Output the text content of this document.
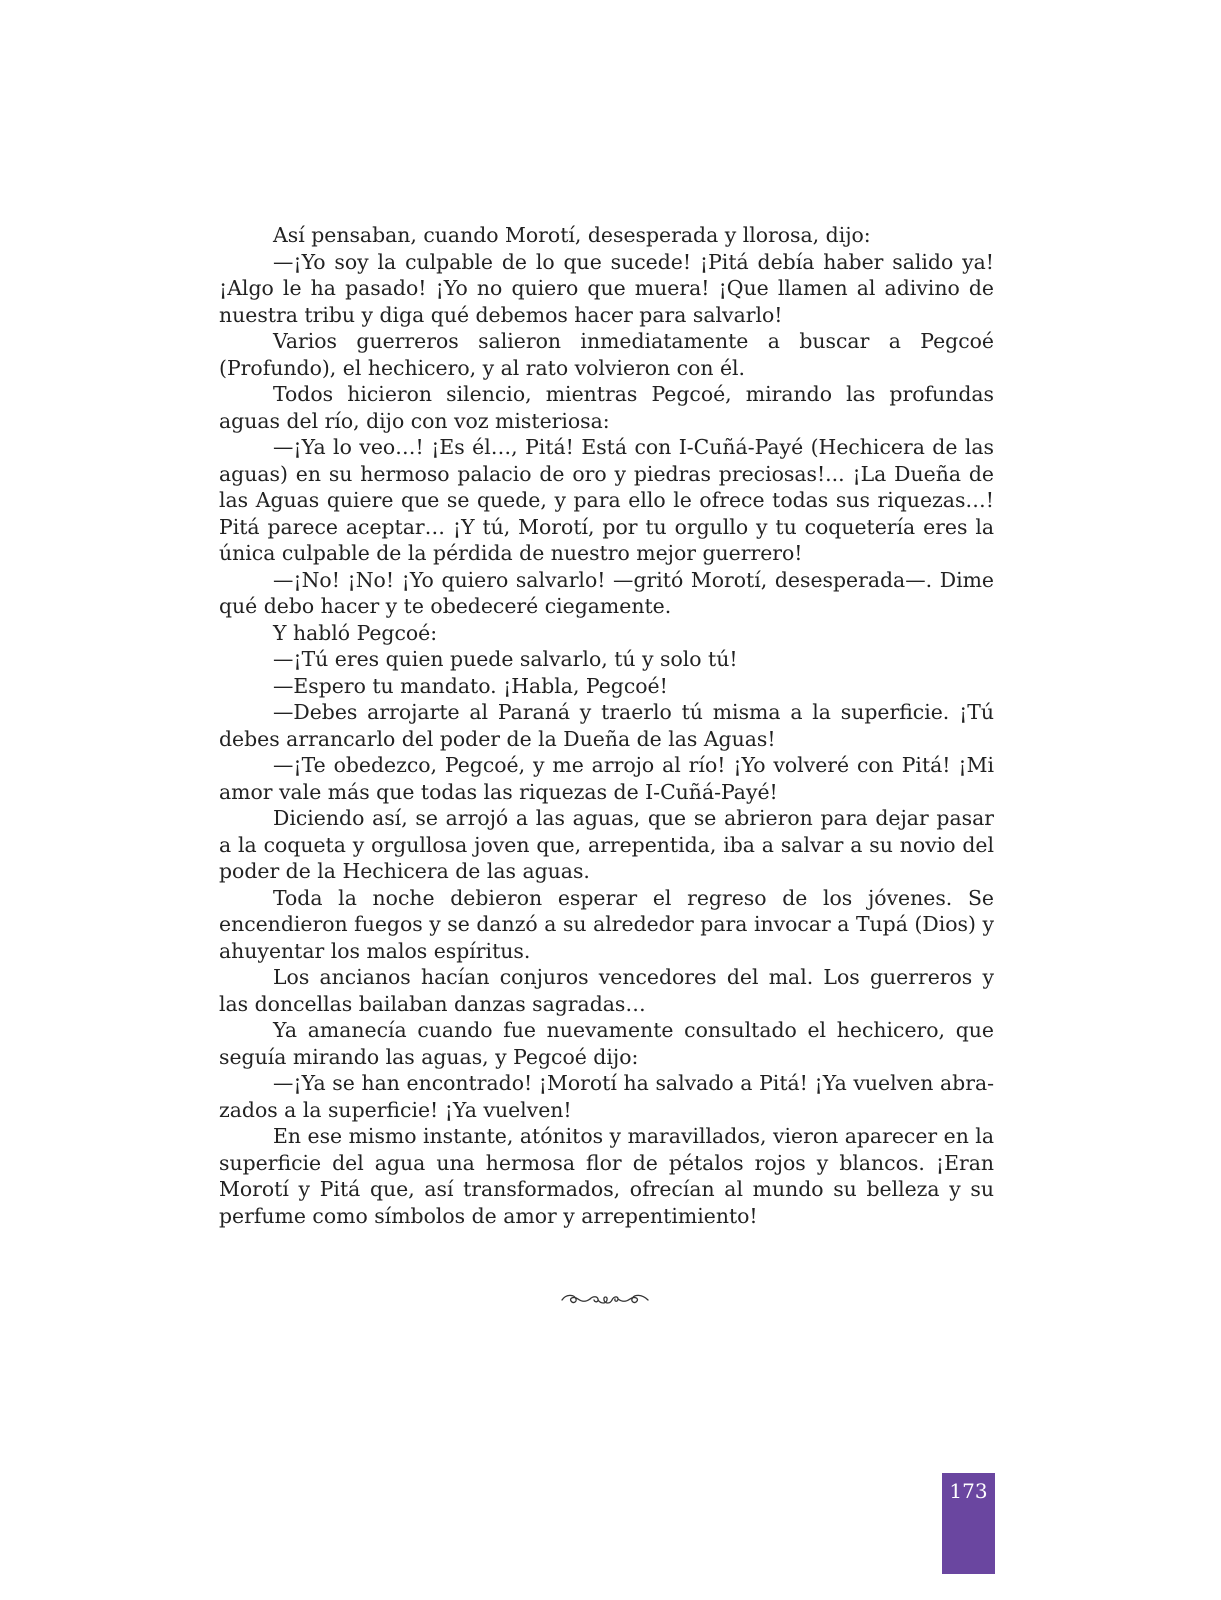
Así pensaban, cuando Morotí, desesperada y llorosa, dijo:

—¡Yo soy la culpable de lo que sucede! ¡Pitá debía haber salido ya! ¡Algo le ha pasado! ¡Yo no quiero que muera! ¡Que llamen al adivino de nuestra tribu y diga qué debemos hacer para salvarlo!

Varios guerreros salieron inmediatamente a buscar a Pegcoé (Profundo), el hechicero, y al rato volvieron con él.

Todos hicieron silencio, mientras Pegcoé, mirando las profundas aguas del río, dijo con voz misteriosa:

—¡Ya lo veo…! ¡Es él…, Pitá! Está con I-Cuñá-Payé (Hechicera de las aguas) en su hermoso palacio de oro y piedras preciosas!... ¡La Dueña de las Aguas quiere que se quede, y para ello le ofrece todas sus riquezas…! Pitá parece aceptar… ¡Y tú, Morotí, por tu orgullo y tu coquetería eres la única culpable de la pérdida de nuestro mejor guerrero!

—¡No! ¡No! ¡Yo quiero salvarlo! —gritó Morotí, desesperada—. Dime qué debo hacer y te obedeceré ciegamente.

Y habló Pegcoé:

—¡Tú eres quien puede salvarlo, tú y solo tú!

—Espero tu mandato. ¡Habla, Pegcoé!

—Debes arrojarte al Paraná y traerlo tú misma a la superficie. ¡Tú debes arrancarlo del poder de la Dueña de las Aguas!

—¡Te obedezco, Pegcoé, y me arrojo al río! ¡Yo volveré con Pitá! ¡Mi amor vale más que todas las riquezas de I-Cuñá-Payé!

Diciendo así, se arrojó a las aguas, que se abrieron para dejar pasar a la coqueta y orgullosa joven que, arrepentida, iba a salvar a su novio del poder de la Hechicera de las aguas.

Toda la noche debieron esperar el regreso de los jóvenes. Se encendieron fuegos y se danzó a su alrededor para invocar a Tupá (Dios) y ahuyentar los malos espíritus.

Los ancianos hacían conjuros vencedores del mal. Los guerreros y las doncellas bailaban danzas sagradas…

Ya amanecía cuando fue nuevamente consultado el hechicero, que seguía mirando las aguas, y Pegcoé dijo:

—¡Ya se han encontrado! ¡Morotí ha salvado a Pitá! ¡Ya vuelven abrazados a la superficie! ¡Ya vuelven!

En ese mismo instante, atónitos y maravillados, vieron aparecer en la superficie del agua una hermosa flor de pétalos rojos y blancos. ¡Eran Morotí y Pitá que, así transformados, ofrecían al mundo su belleza y su perfume como símbolos de amor y arrepentimiento!

173
